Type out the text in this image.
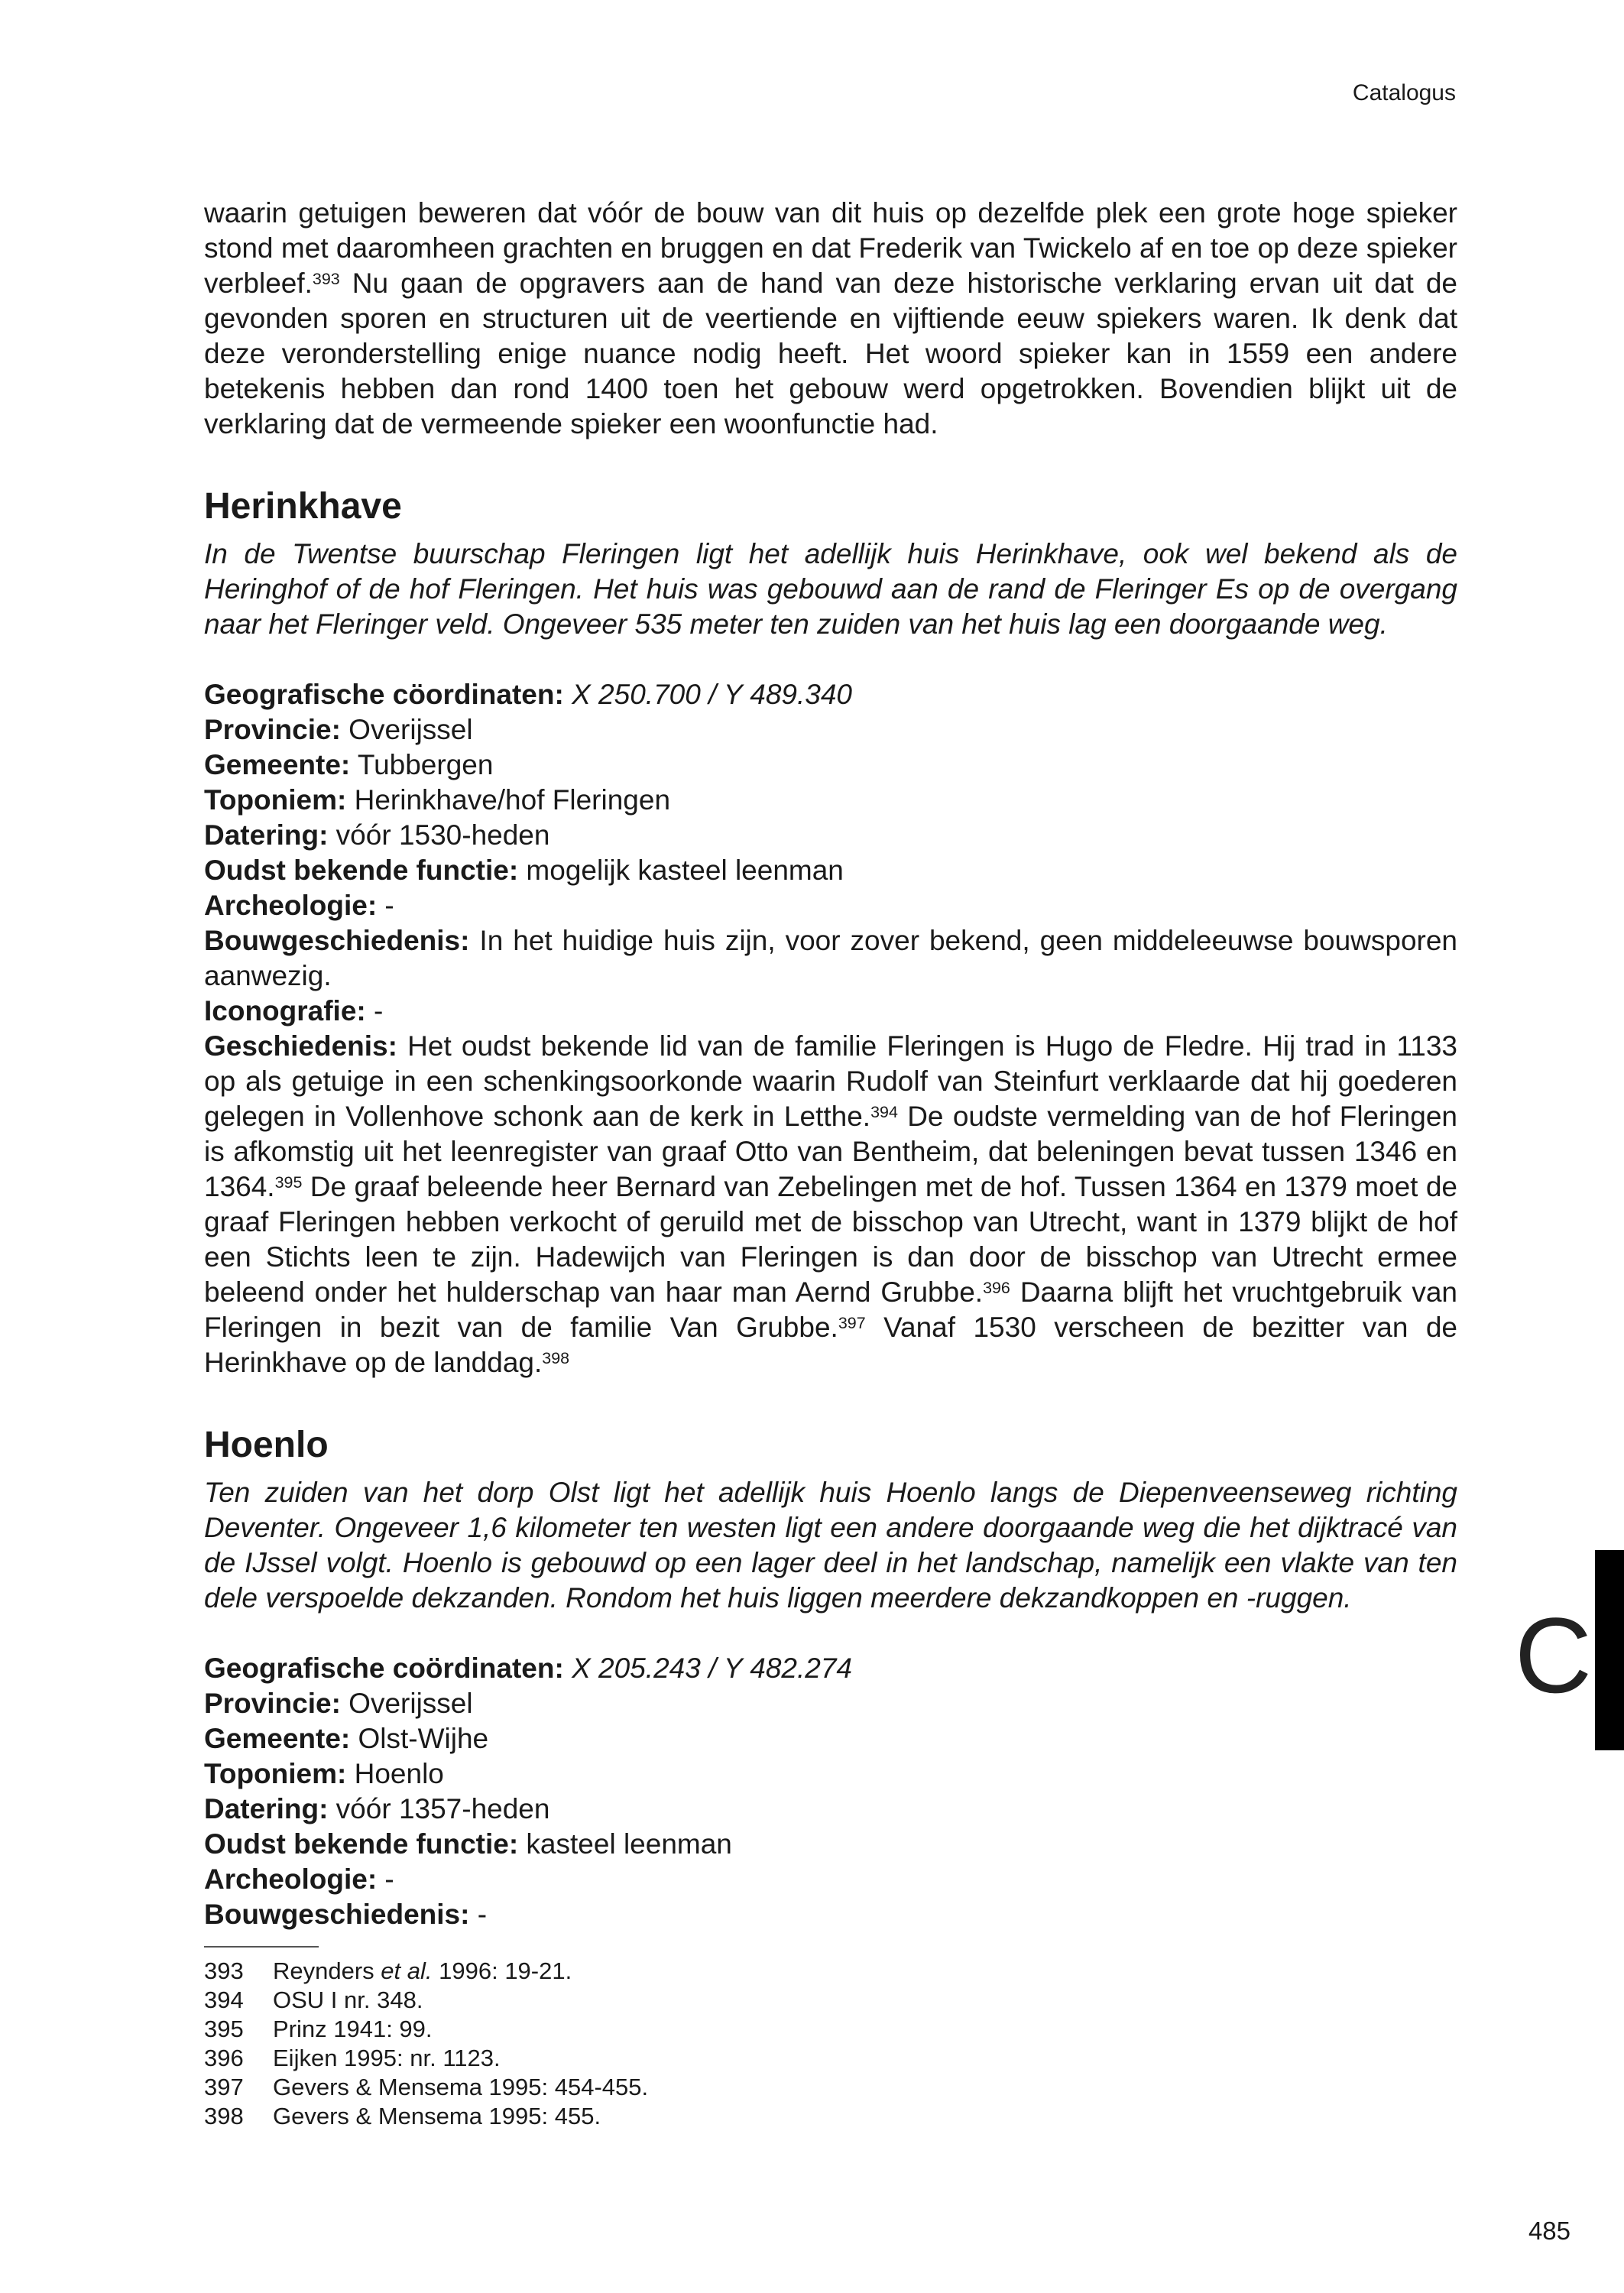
Catalogus

waarin getuigen beweren dat vóór de bouw van dit huis op dezelfde plek een grote hoge spieker stond met daaromheen grachten en bruggen en dat Frederik van Twickelo af en toe op deze spieker verbleef.$^{393}$ Nu gaan de opgravers aan de hand van deze historische verklaring ervan uit dat de gevonden sporen en structuren uit de veertiende en vijftiende eeuw spiekers waren. Ik denk dat deze veronderstelling enige nuance nodig heeft. Het woord spieker kan in 1559 een andere betekenis hebben dan rond 1400 toen het gebouw werd opgetrokken. Bovendien blijkt uit de verklaring dat de vermeende spieker een woonfunctie had.

Herinkhave

In de Twentse buurschap Fleringen ligt het adellijk huis Herinkhave, ook wel bekend als de Heringhof of de hof Fleringen. Het huis was gebouwd aan de rand de Fleringer Es op de overgang naar het Fleringer veld. Ongeveer 535 meter ten zuiden van het huis lag een doorgaande weg.

Geografische cöordinaten: X 250.700 / Y 489.340

Provincie: Overijssel

Gemeente: Tubbergen

Toponiem: Herinkhave/hof Fleringen

Datering: vóór 1530-heden

Oudst bekende functie: mogelijk kasteel leenman

Archeologie: -

Bouwgeschiedenis: In het huidige huis zijn, voor zover bekend, geen middeleeuwse bouwsporen aanwezig.

Iconografie: -

Geschiedenis: Het oudst bekende lid van de familie Fleringen is Hugo de Fledre. Hij trad in 1133 op als getuige in een schenkingsoorkonde waarin Rudolf van Steinfurt verklaarde dat hij goederen gelegen in Vollenhove schonk aan de kerk in Letthe.$^{394}$ De oudste vermelding van de hof Fleringen is afkomstig uit het leenregister van graaf Otto van Bentheim, dat beleningen bevat tussen 1346 en 1364.$^{395}$ De graaf beleende heer Bernard van Zebelingen met de hof. Tussen 1364 en 1379 moet de graaf Fleringen hebben verkocht of geruild met de bisschop van Utrecht, want in 1379 blijkt de hof een Stichts leen te zijn. Hadewijch van Fleringen is dan door de bisschop van Utrecht ermee beleend onder het hulderschap van haar man Aernd Grubbe.$^{396}$ Daarna blijft het vruchtgebruik van Fleringen in bezit van de familie Van Grubbe.$^{397}$ Vanaf 1530 verscheen de bezitter van de Herinkhave op de landdag.$^{398}$

Hoenlo

Ten zuiden van het dorp Olst ligt het adellijk huis Hoenlo langs de Diepenveenseweg richting Deventer. Ongeveer 1,6 kilometer ten westen ligt een andere doorgaande weg die het dijktracé van de IJssel volgt. Hoenlo is gebouwd op een lager deel in het landschap, namelijk een vlakte van ten dele verspoelde dekzanden. Rondom het huis liggen meerdere dekzandkoppen en -ruggen.

Geografische coördinaten: X 205.243 / Y 482.274

Provincie: Overijssel

Gemeente: Olst-Wijhe

Toponiem: Hoenlo

Datering: vóór 1357-heden

Oudst bekende functie: kasteel leenman

Archeologie: -

Bouwgeschiedenis: -

393	Reynders et al. 1996: 19-21.
394	OSU I nr. 348.
395	Prinz 1941: 99.
396	Eijken 1995: nr. 1123.
397	Gevers & Mensema 1995: 454-455.
398	Gevers & Mensema 1995: 455.
C
485
